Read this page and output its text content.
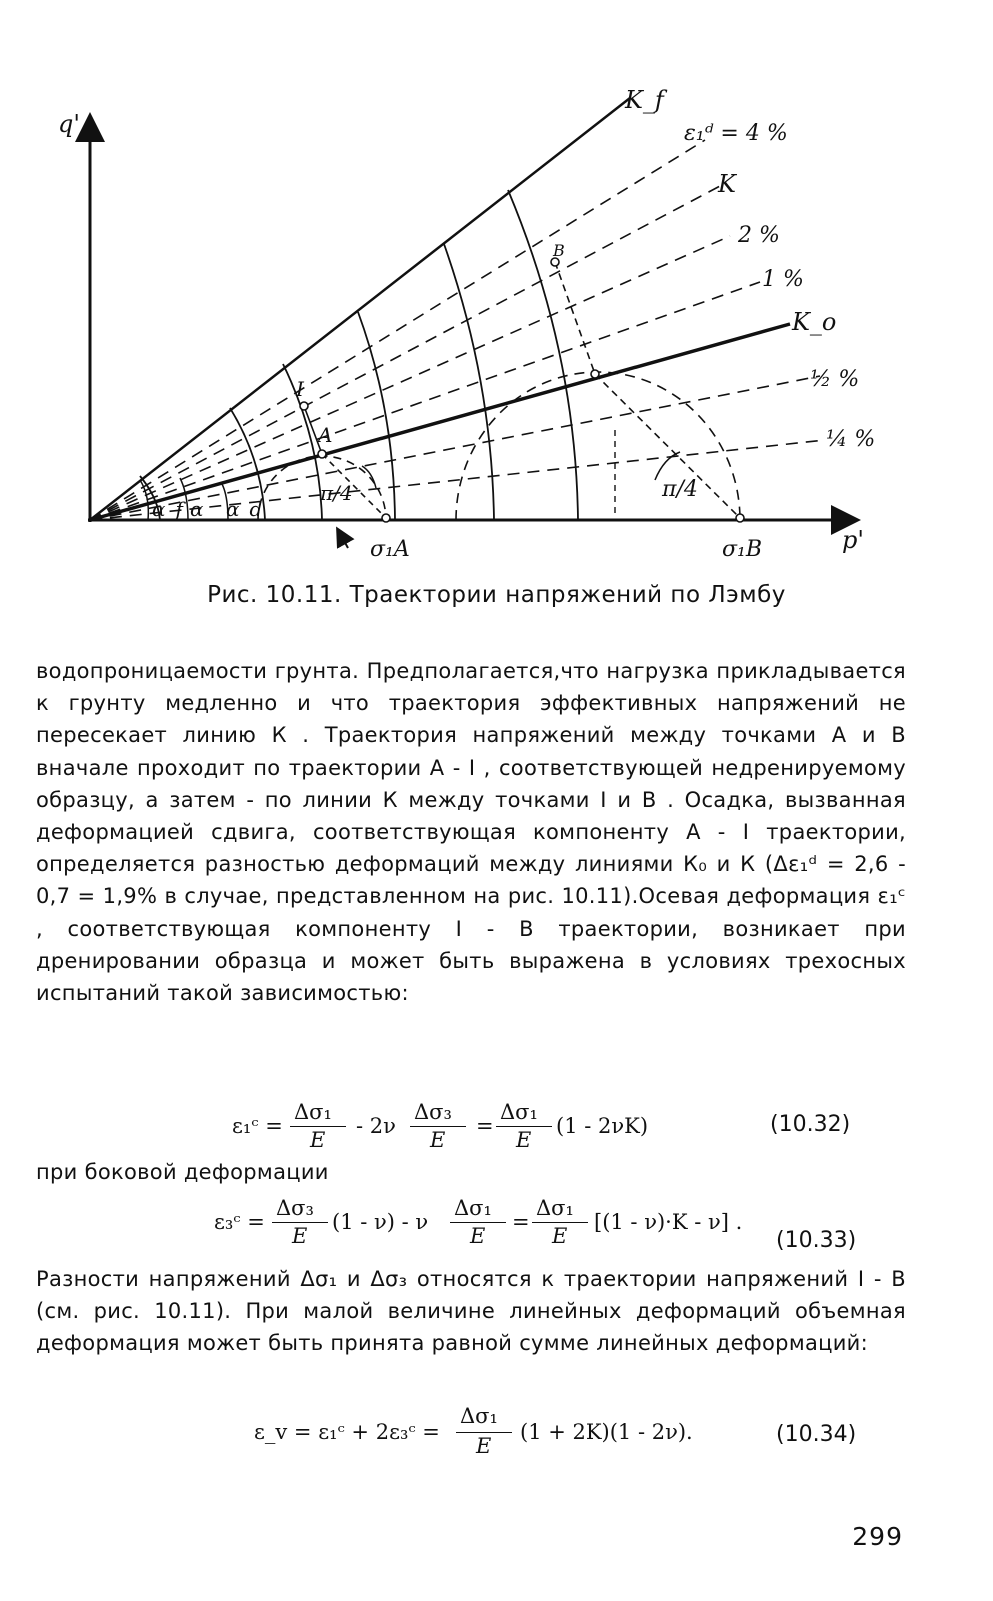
q'
p'
K_f
ε₁ᵈ = 4 %
K
2 %
1 %
K_o
½ %
¼ %
A
I
B
α_f α α_d
π/4	π/4
σ₁A	σ₁B
Рис. 10.11. Траектории напряжений по Лэмбу

водопроницаемости грунта. Предполагается,что нагрузка прикладывается к грунту медленно и что траектория эффективных напряжений не пересекает линию К . Траектория напряжений между точками А и В вначале проходит по траектории А - I , соответствующей недренируемому образцу, а затем - по линии К между точками I и В . Осадка, вызванная деформацией сдвига, соответствующая компоненту А - I траектории, определяется разностью деформаций между линиями К₀ и К (Δε₁ᵈ = 2,6 - 0,7 = 1,9% в случае, представленном на рис. 10.11).Осевая деформация ε₁ᶜ , соответствующая компоненту I - В траектории, возникает при дренировании образца и может быть выражена в условиях трехосных испытаний такой зависимостью:

ε₁ᶜ =
Δσ₁
E
- 2ν
Δσ₃
E
=
Δσ₁
E
(1 - 2νK)	(10.32)
при боковой деформации
ε₃ᶜ =
Δσ₃
E
(1 - ν) - ν
Δσ₁
E
=
Δσ₁
E
[(1 - ν)·K - ν] .
(10.33)

Разности напряжений Δσ₁ и Δσ₃ относятся к траектории напряжений I - В (см. рис. 10.11). При малой величине линейных деформаций объемная деформация может быть принята равной сумме линейных деформаций:

ε_v = ε₁ᶜ + 2ε₃ᶜ =
Δσ₁
E
(1 + 2K)(1 - 2ν).	(10.34)
299
